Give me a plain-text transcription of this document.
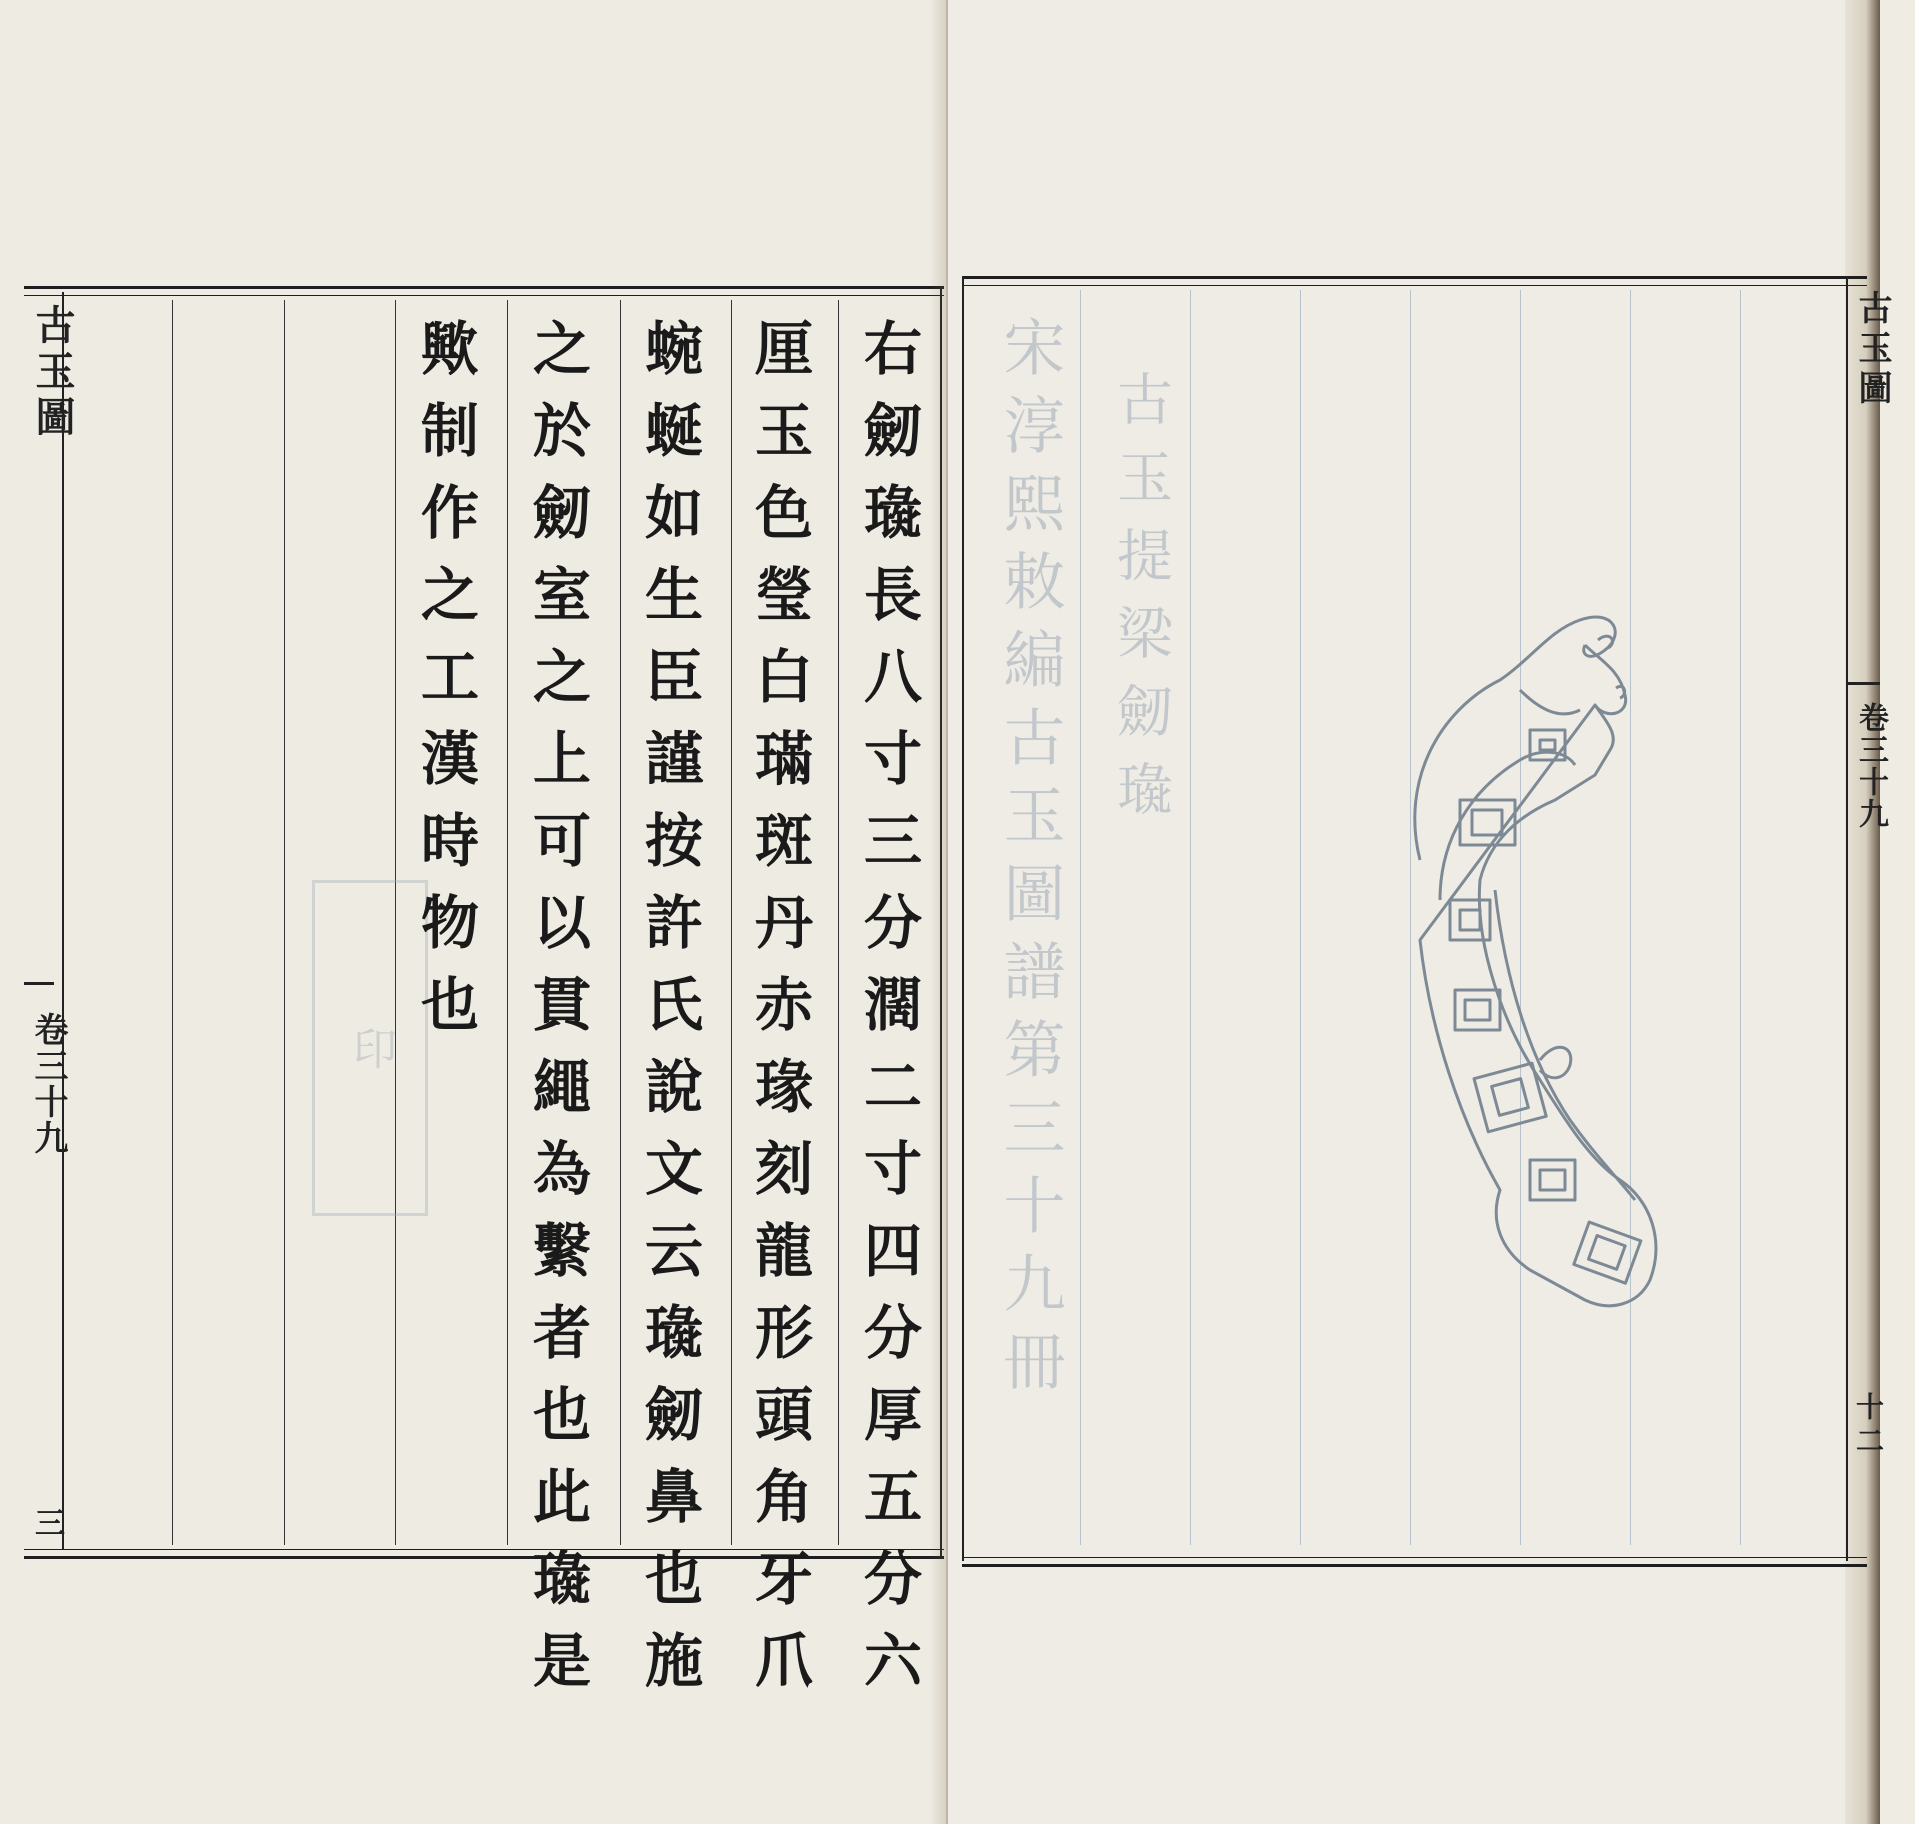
古玉圖
卷三十九
三
印	右劒璏長八寸三分濶二寸四分厚五分六
厘玉色瑩白璊斑丹赤瑑刻龍形頭角牙爪
蜿蜒如生臣謹按許氏說文云璏劒鼻也施
之於劒室之上可以貫繩為繫者也此璏是
歟制作之工漢時物也	宋淳熙敕編古玉圖譜第三十九冊 古玉提梁劒璏
古玉圖
卷三十九
十二
